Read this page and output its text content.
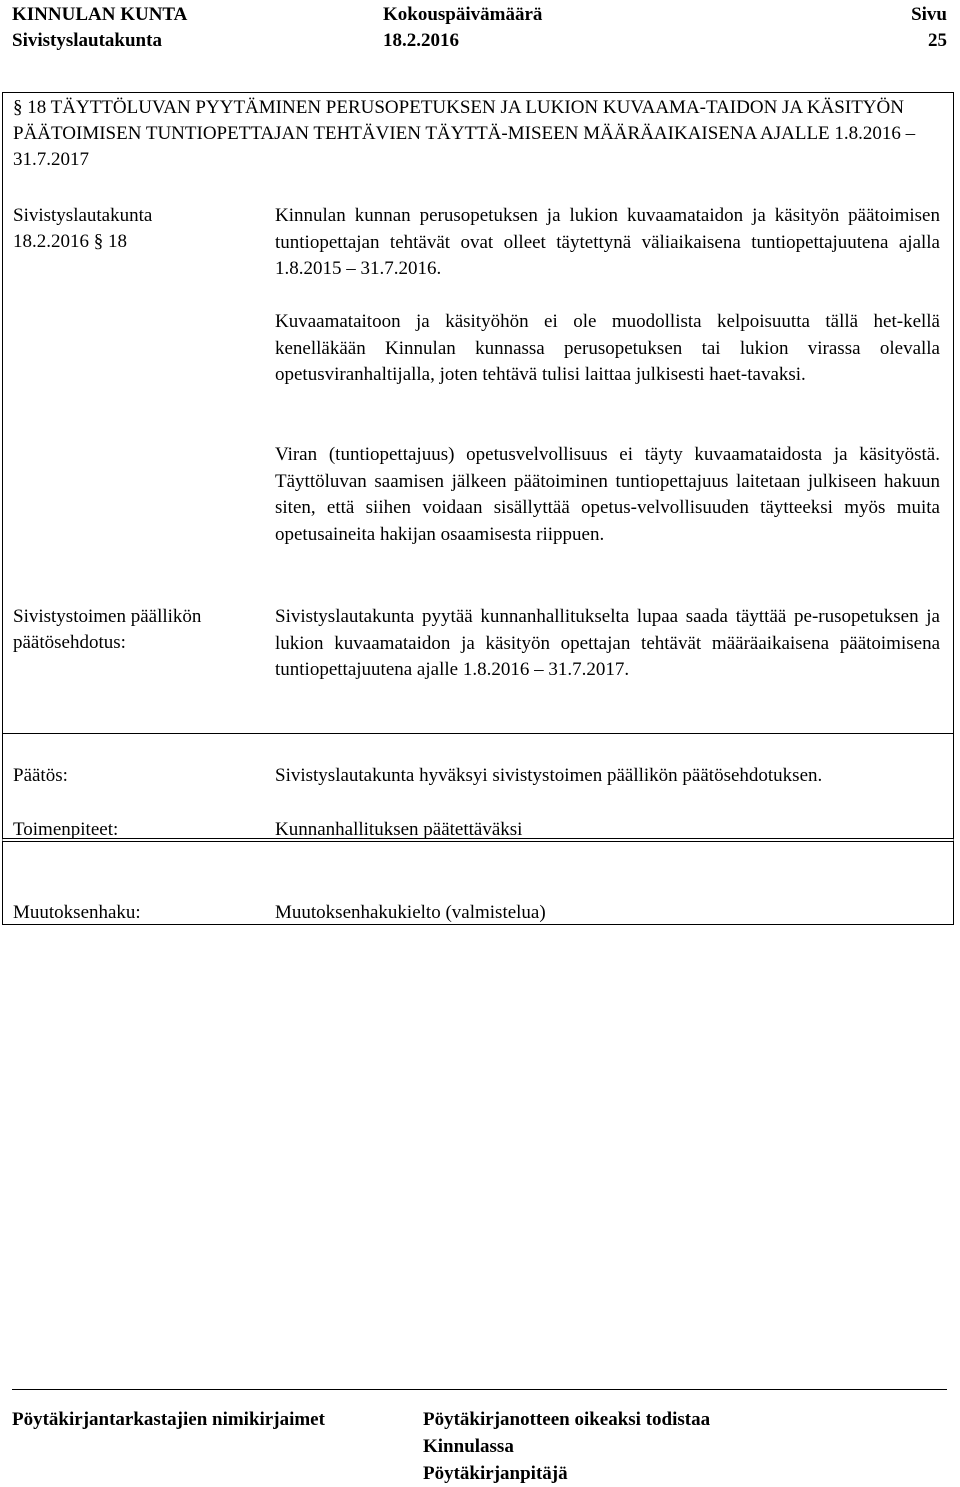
KINNULAN KUNTA
Sivistyslautakunta
Kokouspäivämäärä
18.2.2016
Sivu
25
§ 18 TÄYTTÖLUVAN PYYTÄMINEN PERUSOPETUKSEN JA LUKION KUVAAMA-TAIDON JA KÄSITYÖN PÄÄTOIMISEN TUNTIOPETTAJAN TEHTÄVIEN TÄYTTÄ-MISEEN MÄÄRÄAIKAISENA AJALLE 1.8.2016 – 31.7.2017
Sivistyslautakunta
18.2.2016 § 18

Kinnulan kunnan perusopetuksen ja lukion kuvaamataidon ja käsityön päätoimisen tuntiopettajan tehtävät ovat olleet täytettynä väliaikaisena tuntiopettajuutena ajalla 1.8.2015 – 31.7.2016.

Kuvaamataitoon ja käsityöhön ei ole muodollista kelpoisuutta tällä het-kellä kenelläkään Kinnulan kunnassa perusopetuksen tai lukion virassa olevalla opetusviranhaltijalla, joten tehtävä tulisi laittaa julkisesti haet-tavaksi.

Viran (tuntiopettajuus) opetusvelvollisuus ei täyty kuvaamataidosta ja käsityöstä. Täyttöluvan saamisen jälkeen päätoiminen tuntiopettajuus laitetaan julkiseen hakuun siten, että siihen voidaan sisällyttää opetus-velvollisuuden täytteeksi myös muita opetusaineita hakijan osaamisesta riippuen.

Sivistystoimen päällikön päätösehdotus:

Sivistyslautakunta pyytää kunnanhallitukselta lupaa saada täyttää pe-rusopetuksen ja lukion kuvaamataidon ja käsityön opettajan tehtävät määräaikaisena päätoimisena tuntiopettajuutena ajalle 1.8.2016 – 31.7.2017.

Päätös:	Sivistyslautakunta hyväksyi sivistystoimen päällikön päätösehdotuksen.
Toimenpiteet:	Kunnanhallituksen päätettäväksi
Muutoksenhaku:	Muutoksenhakukielto (valmistelua)
Pöytäkirjantarkastajien nimikirjaimet	Pöytäkirjanotteen oikeaksi todistaa
Kinnulassa
Pöytäkirjanpitäjä
